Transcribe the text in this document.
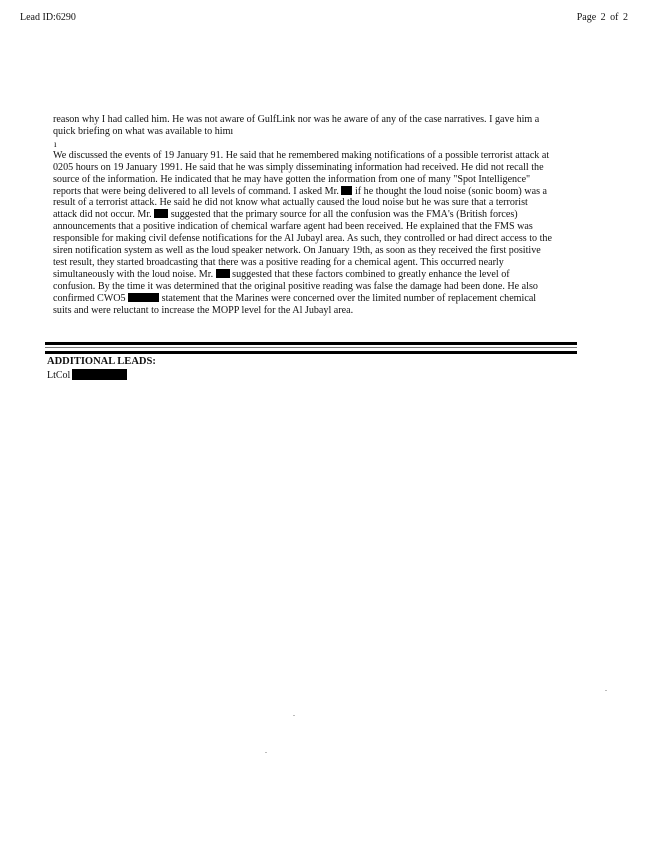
Lead ID:6290	Page 2 of 2

reason why I had called him. He was not aware of GulfLink nor was he aware of any of the case narratives. I gave him a quick briefing on what was available to himı

ı

We discussed the events of 19 January 91. He said that he remembered making notifications of a possible terrorist attack at 0205 hours on 19 January 1991. He said that he was simply disseminating information had received. He did not recall the source of the information. He indicated that he may have gotten the information from one of many "Spot Intelligence" reports that were being delivered to all levels of command. I asked Mr. if he thought the loud noise (sonic boom) was a result of a terrorist attack. He said he did not know what actually caused the loud noise but he was sure that a terrorist attack did not occur. Mr. suggested that the primary source for all the confusion was the FMA's (British forces) announcements that a positive indication of chemical warfare agent had been received. He explained that the FMS was responsible for making civil defense notifications for the Al Jubayl area. As such, they controlled or had direct access to the siren notification system as well as the loud speaker network. On January 19th, as soon as they received the first positive test result, they started broadcasting that there was a positive reading for a chemical agent. This occurred nearly simultaneously with the loud noise. Mr. suggested that these factors combined to greatly enhance the level of confusion. By the time it was determined that the original positive reading was false the damage had been done. He also confirmed CWO5	statement that the Marines were concerned over the limited number of replacement chemical suits and were reluctant to increase the MOPP level for the Al Jubayl area.

ADDITIONAL LEADS:
LtCol
